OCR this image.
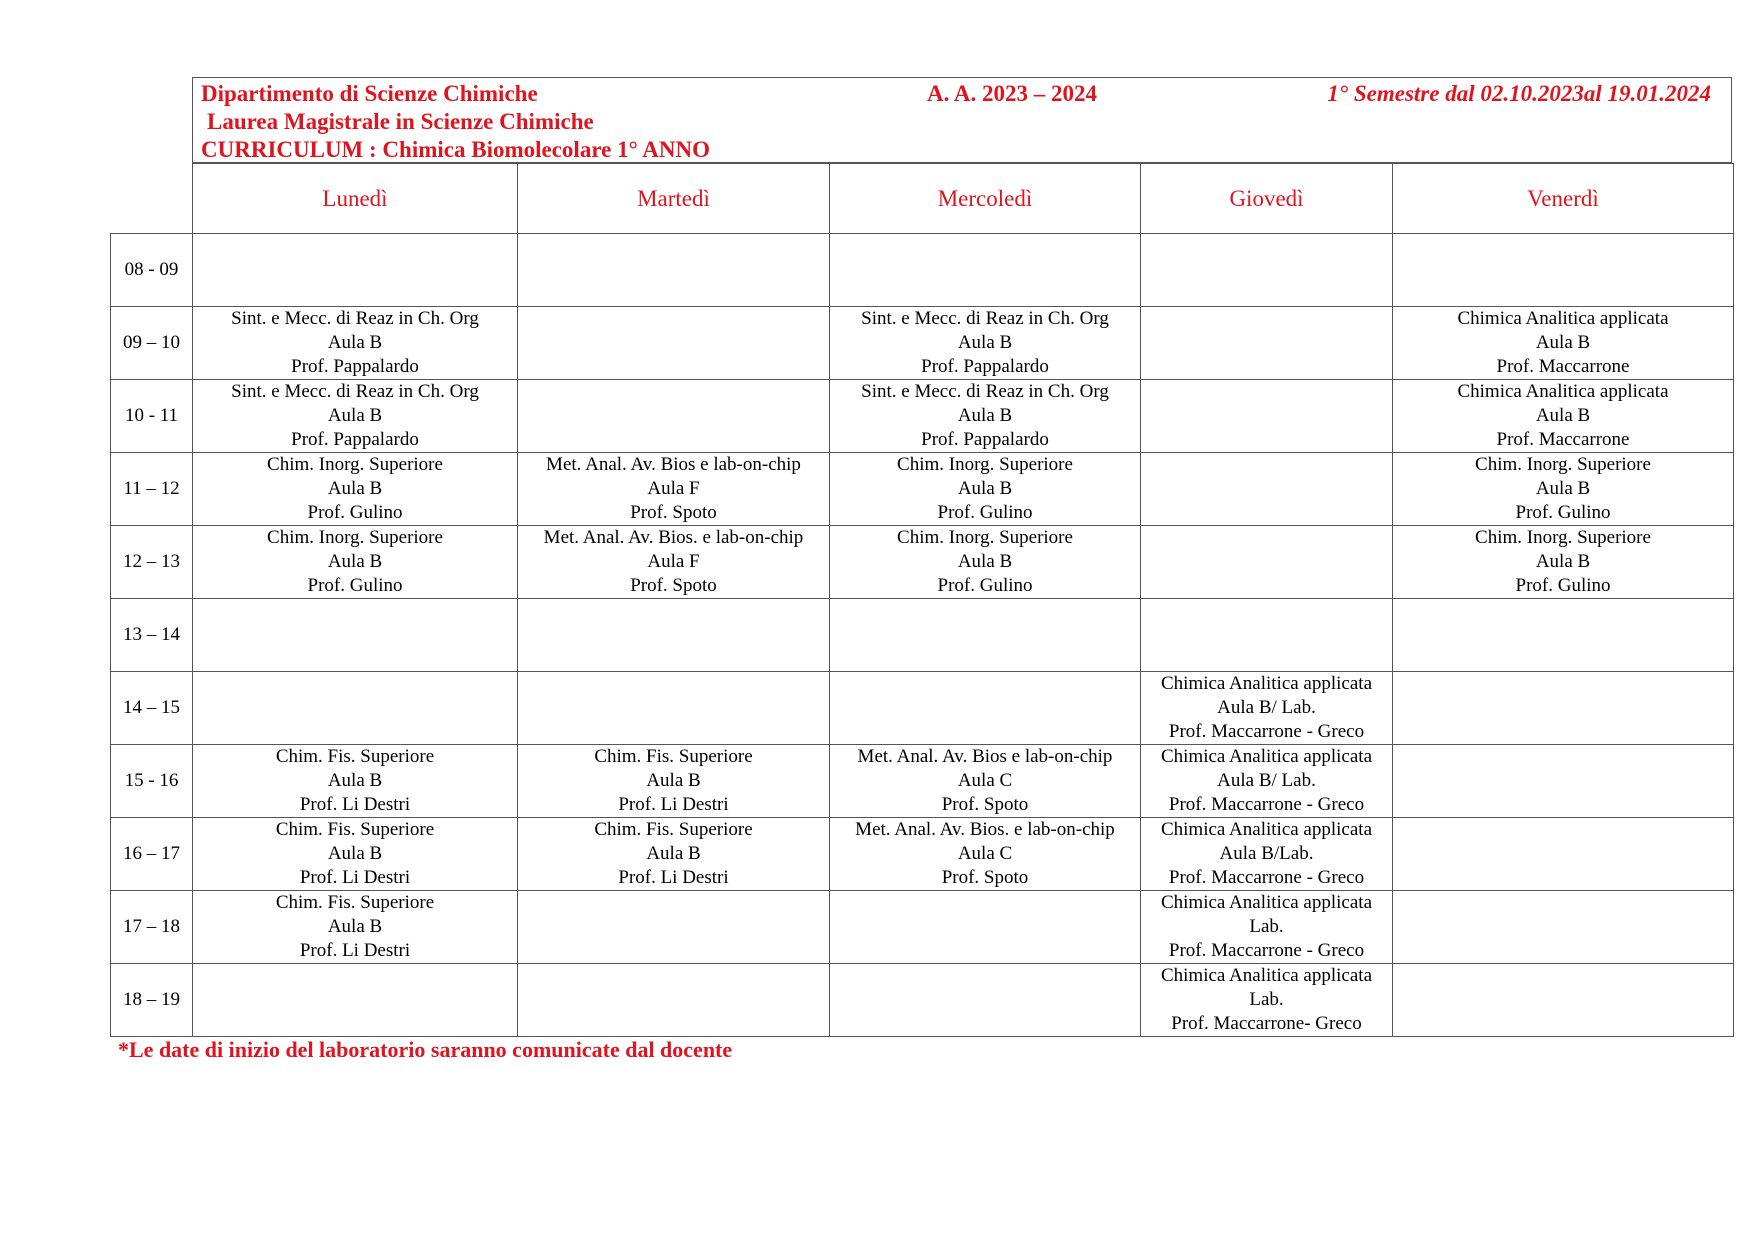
Dipartimento di Scienze Chimiche	A. A. 2023 – 2024	1° Semestre dal 02.10.2023al 19.01.2024
Laurea Magistrale in Scienze Chimiche
CURRICULUM : Chimica Biomolecolare 1° ANNO
	Lunedì	Martedì	Mercoledì	Giovedì	Venerdì
08 - 09					
09 – 10	Sint. e Mecc. di Reaz in Ch. Org
Aula B
Prof. Pappalardo		Sint. e Mecc. di Reaz in Ch. Org
Aula B
Prof. Pappalardo		Chimica Analitica applicata
Aula B
Prof. Maccarrone

10 - 11	Sint. e Mecc. di Reaz in Ch. Org
Aula B
Prof. Pappalardo		Sint. e Mecc. di Reaz in Ch. Org
Aula B
Prof. Pappalardo		Chimica Analitica applicata
Aula B
Prof. Maccarrone

11 – 12	Chim. Inorg. Superiore
Aula B
Prof. Gulino	Met. Anal. Av. Bios e lab-on-chip
Aula F
Prof. Spoto	Chim. Inorg. Superiore
Aula B
Prof. Gulino		Chim. Inorg. Superiore
Aula B
Prof. Gulino

12 – 13	Chim. Inorg. Superiore
Aula B
Prof. Gulino	Met. Anal. Av. Bios. e lab-on-chip
Aula F
Prof. Spoto	Chim. Inorg. Superiore
Aula B
Prof. Gulino		Chim. Inorg. Superiore
Aula B
Prof. Gulino

13 – 14					
14 – 15				Chimica Analitica applicata
Aula B/ Lab.
Prof. Maccarrone - Greco	

15 - 16	Chim. Fis. Superiore
Aula B
Prof. Li Destri	Chim. Fis. Superiore
Aula B
Prof. Li Destri	Met. Anal. Av. Bios e lab-on-chip
Aula C
Prof. Spoto	Chimica Analitica applicata
Aula B/ Lab.
Prof. Maccarrone - Greco	

16 – 17	Chim. Fis. Superiore
Aula B
Prof. Li Destri	Chim. Fis. Superiore
Aula B
Prof. Li Destri	Met. Anal. Av. Bios. e lab-on-chip
Aula C
Prof. Spoto	Chimica Analitica applicata
Aula B/Lab.
Prof. Maccarrone - Greco	

17 – 18	Chim. Fis. Superiore
Aula B
Prof. Li Destri			Chimica Analitica applicata
Lab.
Prof. Maccarrone - Greco	

18 – 19				Chimica Analitica applicata
Lab.
Prof. Maccarrone- Greco	

*Le date di inizio del laboratorio saranno comunicate dal docente
